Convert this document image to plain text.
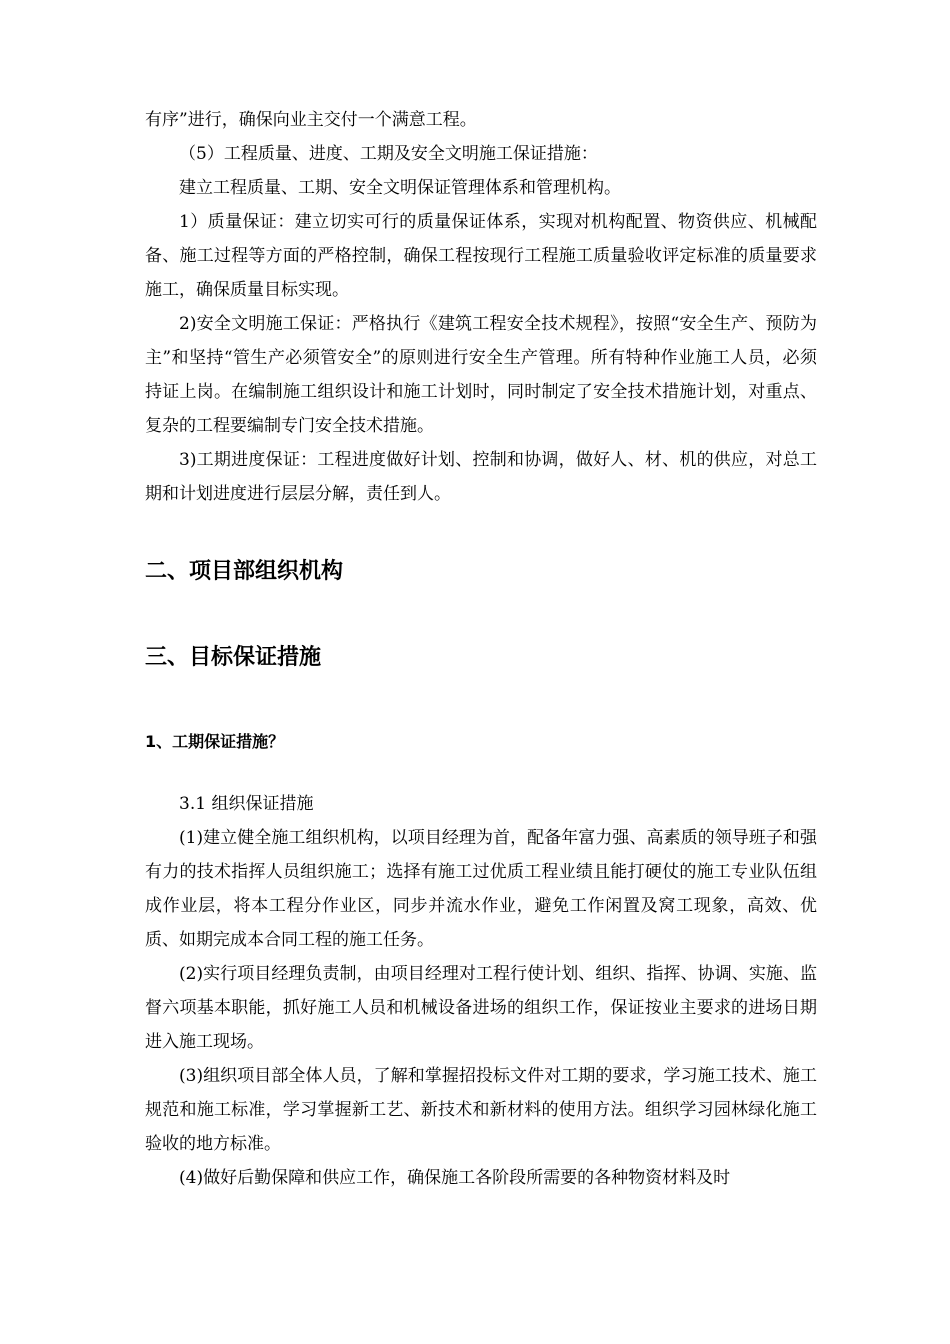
有序”进行，确保向业主交付一个满意工程。

（5）工程质量、进度、工期及安全文明施工保证措施：

建立工程质量、工期、安全文明保证管理体系和管理机构。

1）质量保证：建立切实可行的质量保证体系，实现对机构配置、物资供应、机械配备、施工过程等方面的严格控制，确保工程按现行工程施工质量验收评定标准的质量要求施工，确保质量目标实现。

2)安全文明施工保证：严格执行《建筑工程安全技术规程》，按照“安全生产、预防为主”和坚持“管生产必须管安全”的原则进行安全生产管理。所有特种作业施工人员，必须持证上岗。在编制施工组织设计和施工计划时，同时制定了安全技术措施计划，对重点、复杂的工程要编制专门安全技术措施。

3)工期进度保证：工程进度做好计划、控制和协调，做好人、材、机的供应，对总工期和计划进度进行层层分解，责任到人。

二、项目部组织机构
三、目标保证措施
1、工期保证措施？

3.1 组织保证措施

(1)建立健全施工组织机构，以项目经理为首，配备年富力强、高素质的领导班子和强有力的技术指挥人员组织施工；选择有施工过优质工程业绩且能打硬仗的施工专业队伍组成作业层，将本工程分作业区，同步并流水作业，避免工作闲置及窝工现象，高效、优质、如期完成本合同工程的施工任务。

(2)实行项目经理负责制，由项目经理对工程行使计划、组织、指挥、协调、实施、监督六项基本职能，抓好施工人员和机械设备进场的组织工作，保证按业主要求的进场日期进入施工现场。

(3)组织项目部全体人员，了解和掌握招投标文件对工期的要求，学习施工技术、施工规范和施工标准，学习掌握新工艺、新技术和新材料的使用方法。组织学习园林绿化施工验收的地方标准。

(4)做好后勤保障和供应工作，确保施工各阶段所需要的各种物资材料及时
